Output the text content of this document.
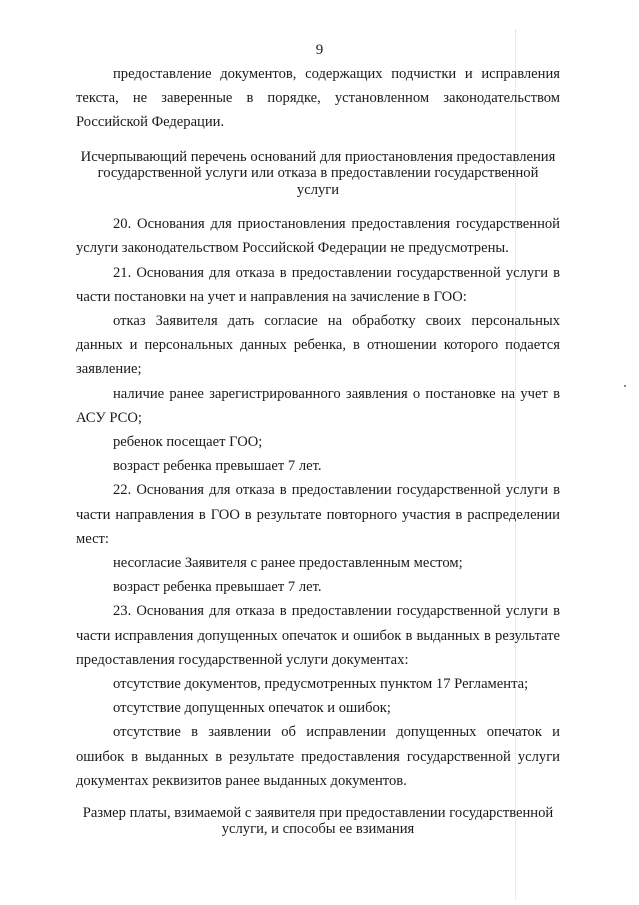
9

предоставление документов, содержащих подчистки и исправления текста, не заверенные в порядке, установленном законодательством Российской Федерации.

Исчерпывающий перечень оснований для приостановления предоставления

государственной услуги или отказа в предоставлении государственной

услуги

20. Основания для приостановления предоставления государственной услуги законодательством Российской Федерации не предусмотрены.

21. Основания для отказа в предоставлении государственной услуги в части постановки на учет и направления на зачисление в ГОО:

отказ Заявителя дать согласие на обработку своих персональных данных и персональных данных ребенка, в отношении которого подается заявление;

наличие ранее зарегистрированного заявления о постановке на учет в АСУ РСО;

ребенок посещает ГОО;

возраст ребенка превышает 7 лет.

22. Основания для отказа в предоставлении государственной услуги в части направления в ГОО в результате повторного участия в распределении мест:

несогласие Заявителя с ранее предоставленным местом;

возраст ребенка превышает 7 лет.

23. Основания для отказа в предоставлении государственной услуги в части исправления допущенных опечаток и ошибок в выданных в результате предоставления государственной услуги документах:

отсутствие документов, предусмотренных пунктом 17 Регламента;

отсутствие допущенных опечаток и ошибок;

отсутствие в заявлении об исправлении допущенных опечаток и ошибок в выданных в результате предоставления государственной услуги документах реквизитов ранее выданных документов.

Размер платы, взимаемой с заявителя при предоставлении государственной

услуги, и способы ее взимания
